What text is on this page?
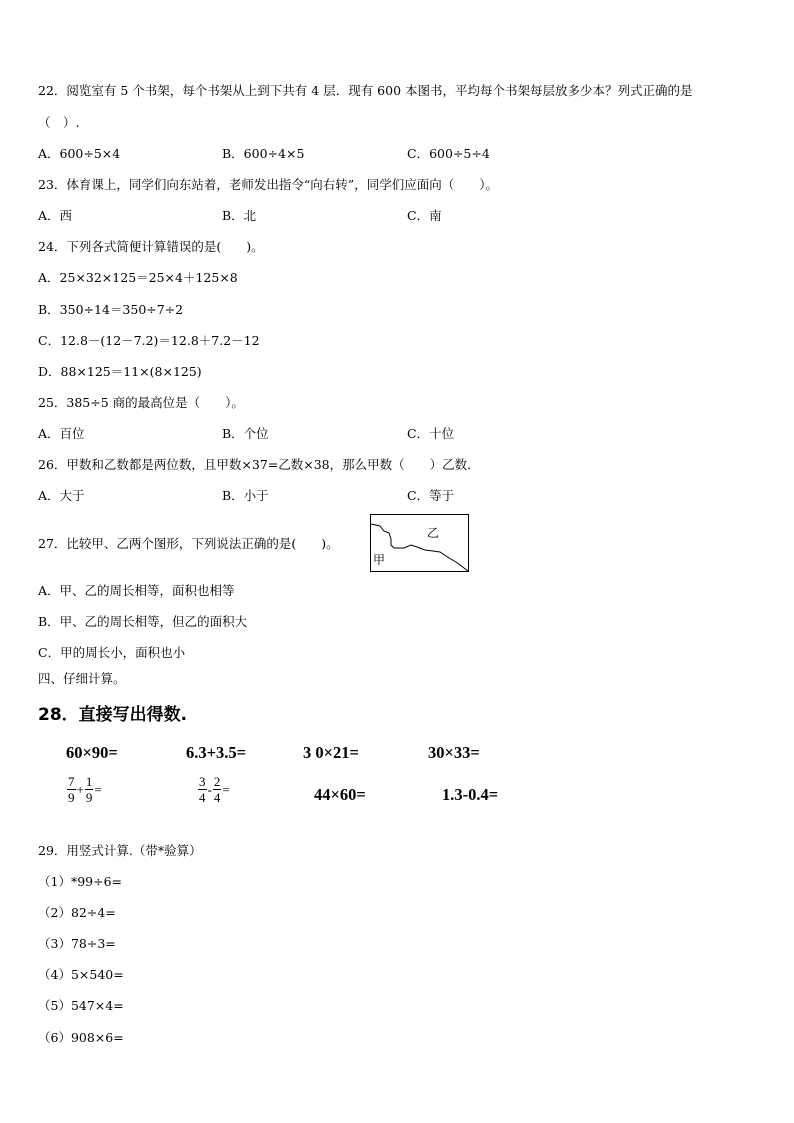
22．阅览室有 5 个书架，每个书架从上到下共有 4 层．现有 600 本图书，平均每个书架每层放多少本？列式正确的是
（　）.
A．600÷5×4	B．600÷4×5	C．600÷5÷4
23．体育课上，同学们向东站着，老师发出指令“向右转”，同学们应面向（　　）。
A．西	B．北	C．南
24．下列各式简便计算错误的是(　　)。
A．25×32×125＝25×4＋125×8
B．350÷14＝350÷7÷2
C．12.8－(12－7.2)＝12.8＋7.2－12
D．88×125＝11×(8×125)
25．385÷5 商的最高位是（　　）。
A．百位	B．个位	C．十位
26．甲数和乙数都是两位数，且甲数×37=乙数×38，那么甲数（　　）乙数．
A．大于	B．小于	C．等于
27．比较甲、乙两个图形，下列说法正确的是(　　)。
甲
乙
A．甲、乙的周长相等，面积也相等
B．甲、乙的周长相等，但乙的面积大
C．甲的周长小，面积也小
四、仔细计算。
28．直接写出得数.
60×90=	6.3+3.5=	3 0×21=	30×33=
$\frac{7}{9} + \frac{1}{9}$ =	$\frac{3}{4} - \frac{2}{4}$ =	44×60=	1.3-0.4=
29．用竖式计算.（带*验算）
（1）*99÷6=
（2）82÷4=
（3）78÷3=
（4）5×540=
（5）547×4=
（6）908×6=
